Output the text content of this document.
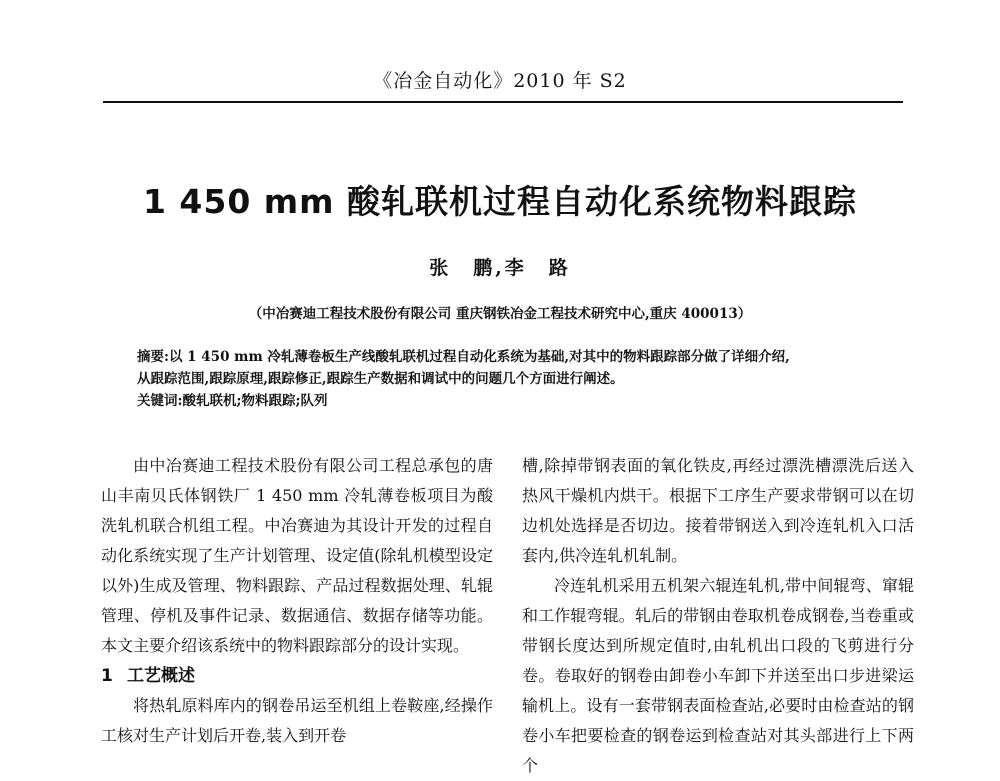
《冶金自动化》2010 年 S2
1 450 mm 酸轧联机过程自动化系统物料跟踪
张　鹏,李　路
（中冶赛迪工程技术股份有限公司 重庆钢铁冶金工程技术研究中心,重庆 400013）

摘要:以 1 450 mm 冷轧薄卷板生产线酸轧联机过程自动化系统为基础,对其中的物料跟踪部分做了详细介绍,

从跟踪范围,跟踪原理,跟踪修正,跟踪生产数据和调试中的问题几个方面进行阐述。

关键词:酸轧联机;物料跟踪;队列

由中冶赛迪工程技术股份有限公司工程总承包的唐山丰南贝氏体钢铁厂 1 450 mm 冷轧薄卷板项目为酸洗轧机联合机组工程。中冶赛迪为其设计开发的过程自动化系统实现了生产计划管理、设定值(除轧机模型设定以外)生成及管理、物料跟踪、产品过程数据处理、轧辊管理、停机及事件记录、数据通信、数据存储等功能。本文主要介绍该系统中的物料跟踪部分的设计实现。

1 工艺概述

将热轧原料库内的钢卷吊运至机组上卷鞍座,经操作工核对生产计划后开卷,装入到开卷

槽,除掉带钢表面的氧化铁皮,再经过漂洗槽漂洗后送入热风干燥机内烘干。根据下工序生产要求带钢可以在切边机处选择是否切边。接着带钢送入到冷连轧机入口活套内,供冷连轧机轧制。

冷连轧机采用五机架六辊连轧机,带中间辊弯、窜辊和工作辊弯辊。轧后的带钢由卷取机卷成钢卷,当卷重或带钢长度达到所规定值时,由轧机出口段的飞剪进行分卷。卷取好的钢卷由卸卷小车卸下并送至出口步进梁运输机上。设有一套带钢表面检查站,必要时由检查站的钢卷小车把要检查的钢卷运到检查站对其头部进行上下两个
